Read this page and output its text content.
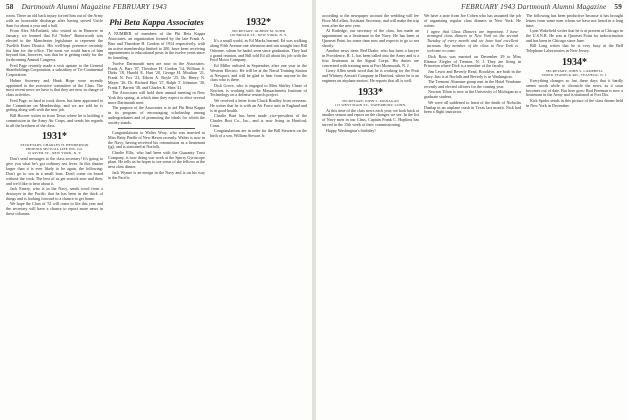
58 Dartmouth Alumni Magazine FEBRUARY 1943

room. There an old back injury forced him out of the Army with an honorable discharge after having served Uncle Sam for about a year and a half.

From Alex McFarland, who visited us in Hanover in January, we learned that Ed "Sober" Butterworth was elected to the Manchester legislature to represent the Twelfth Essex District. His well-kept presence certainly fits him for the office. The most we could learn of him beyond that, however, was that he is getting ready for the forthcoming Annual Congress.

Fred Page recently made a visit upstate to the General Shareholdings Corporation, a subsidiary of Tri-Continental Corporation.

Holme Sweeney and Hank Hope were recently appointed to the executive committee of the Class. The most recent news we have is that they are now in charge of class activities.

Fred Page, so hard to track down, has been appointed to the Committee on Membership, and we are told he is getting along well with the new job.

Bill Hoover writes in from Texas where he is holding a commission in the Army Air Corps, and sends his regards to all the brethren of the class.

1931*
SECRETARY, CHARLES H. HENDERSON
PHOENIX MUTUAL LIFE INS. CO.
15 RIVER ST., NEW YORK, N. Y.

Don't send messages to the class secretary! It's going to give you what he's got ordinary sea fever. In this shutter larger than it is ever likely to be again, the following: Don't go to sea in a small boat. Don't come on board without the cook. The best of us get seasick now and then, and we'd like to hear about it.

Jack Emery, who is in the Navy, sends word from a destroyer in the Pacific that he has been in the thick of things and is looking forward to a chance to get home.

We hope the Class of '31 will come to life this year and the secretary will have a chance to report more news in these columns.

Phi Beta Kappa Associates

A NUMBER of members of the Phi Beta Kappa Associates, an organization formed by the late Frank A. Barr and Theodore H. Gordon of 1914 respectively, with an active membership limited to 200, have been receiving appointments to educational posts in the twelve years since its founding.

Twelve Dartmouth men are now in the Associates: Frank A. Barr '07, Theodore H. Gordon '14, William S. Dirks '18, Harold E. Hart '20, George H. Moulton '21, Frank N. Fox '23, Edwin A. Boyle '25, Dr. Henry N. Mayer '26, Dr. Richard Hart '27, Ralph T. Johnston '30, Frank T. Barrett '38, and Charles K. Shea '41.

The Associates will hold their annual meeting in New York this spring, at which time they expect to elect several more Dartmouth men.

The purpose of the Associates is to aid Phi Beta Kappa in its program of encouraging scholarship among undergraduates and of promoting the ideals for which the society stands.

Congratulations to Walter Wray, who was married to Miss Betty Pindle of New Haven recently. Walter is now in the Navy, having received his commission as a lieutenant (jg), and is stationed at Norfolk.

Charlie Ellis, who had been with the Guaranty Trust Company, is now doing war work at the Sperry Gyroscope plant. He tells us he hopes to see some of the fellows at the next class dinner.

Jack Wynne is an ensign in the Navy and is on his way to the Pacific.

1932*
SECRETARY, ALBERT M. SUHR
165 BROAD ST., NEW YORK, N. Y.

It's a small world, as Ed Marks learned. Ed was walking along Fifth Avenue one afternoon and ran straight into Bill Osborne, whom he hadn't seen since graduation. They had a grand reunion, and Bill told Ed all about his job with the Ford Motor Company.

Ed Miller enlisted in September, after one year in the Western Electric. He will be at the Naval Training Station at Newport, and will be glad to hear from anyone in the class who is there.

Dick Grove, who is engaged to Miss Shirley Chase of Newton, is working with the Massachusetts Institute of Technology on a defense research project.

We received a letter from Chuck Bradley from overseas. He writes that he is with an Air Force unit in England and is in good health.

Charlie Burt has been made vice-president of the Charles Burt Co., Inc., and is now living in Hartford, Conn.

Congratulations are in order for the Bill Stewarts on the birth of a son, William Stewart Jr.

FEBRUARY 1943 Dartmouth Alumni Magazine 59

according to the newspaper account the wedding will fee Fiore McLellan, Assistant Secretary, and will make the trip west after the new year.

Al Rutledge, our secretary of the class, has made an appointment as a lieutenant in the Navy. He has been at Quonset Point for some time now and expects to go to sea shortly.

Another news item: Red Drake, who has been a lawyer in Providence, R. I., has been called into the Army and is a first lieutenant in the Signal Corps. His duties are concerned with training men at Fort Monmouth, N. J.

Gerry Allen sends word that he is working for the Pratt and Whitney Aircraft Company in Hartford, where he is an engineer on airplane motors. He reports that all is well.

1933*
SECRETARY, JOHN S. MONAGAN
115 WEST MAIN ST., WATERBURY, CONN.

At this time of the class news each year, we look back at another season and report on the changes we see. In the list of Navy men in our Class, Captain Frank C. Hopkins has served in the 15th week of their commissioning.

Happy Washington's birthday!

We have a note from Joe Cohen who has assumed the job of organizing regular class dinners in New York. He writes:

I agree that Class Dinners are important. I have arranged class dinners in New York on the second Tuesday of every month and we have had excellent turnouts. Any member of the class in New York is welcome to come.

Dick Ross was married on December 29 to Miss Eleanor Ziegler of Trenton, N. J. They are living in Princeton where Dick is a member of the faculty.

Jim Lewis and Beverly Read, Brooklyn, are both in the Navy. Jim is at Norfolk and Beverly is in Washington.

The Tremont Alumnae group met in the Hotel Vendome recently and elected officers for the coming year.

Newton Tilton is now at the University of Michigan as a graduate student.

We were all saddened to learn of the death of Nicholas Dunlap in an airplane crash in Texas last month. Nick had been a flight instructor.

The following has been productive because it has brought letters from some men whom we have not heard in a long time.

Lynn Wakefield writes that he is at present at Chicago in the U.S.N.R. He was at Quonset Point for indoctrination and has been in Chicago since June.

Bill Long writes that he is very busy at the Bell Telephone Laboratories in New Jersey.

1934*
SECRETARY, JOHN S. CAMPBELL
UPPER TEANECK RD., TEANECK, N. J.

Everything changes so fast these days that it hardly seems worth while to chronicle the news, as it soon becomes out of date. But here goes: Bud Freeman is now a lieutenant in the Army and is stationed at Fort Dix.

Kirk Spider sends in this picture of the class dinner held in New York in December.
